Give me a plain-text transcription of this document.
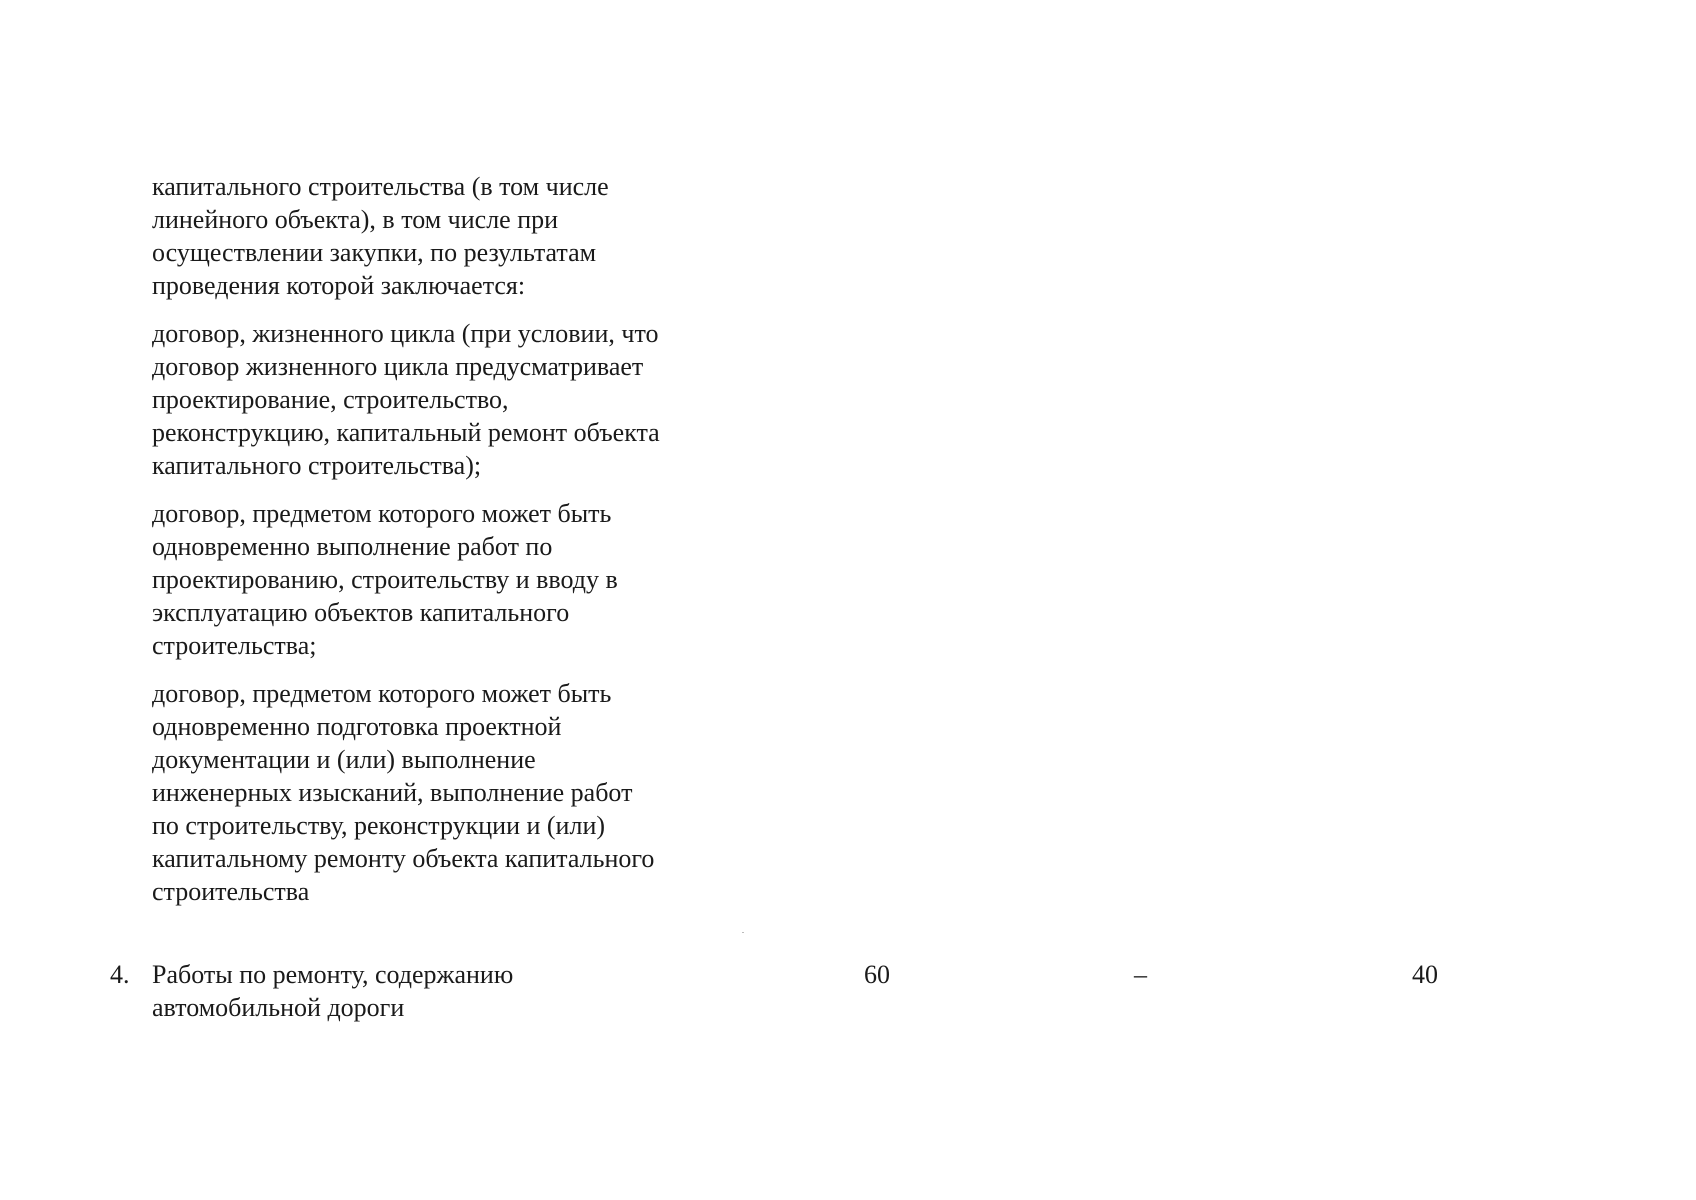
капитального строительства (в том числе
линейного объекта), в том числе при
осуществлении закупки, по результатам
проведения которой заключается:
договор, жизненного цикла (при условии, что
договор жизненного цикла предусматривает
проектирование, строительство,
реконструкцию, капитальный ремонт объекта
капитального строительства);
договор, предметом которого может быть
одновременно выполнение работ по
проектированию, строительству и вводу в
эксплуатацию объектов капитального
строительства;
договор, предметом которого может быть
одновременно подготовка проектной
документации и (или) выполнение
инженерных изысканий, выполнение работ
по строительству, реконструкции и (или)
капитальному ремонту объекта капитального
строительства
4. Работы по ремонту, содержанию
автомобильной дороги
60	–	40
